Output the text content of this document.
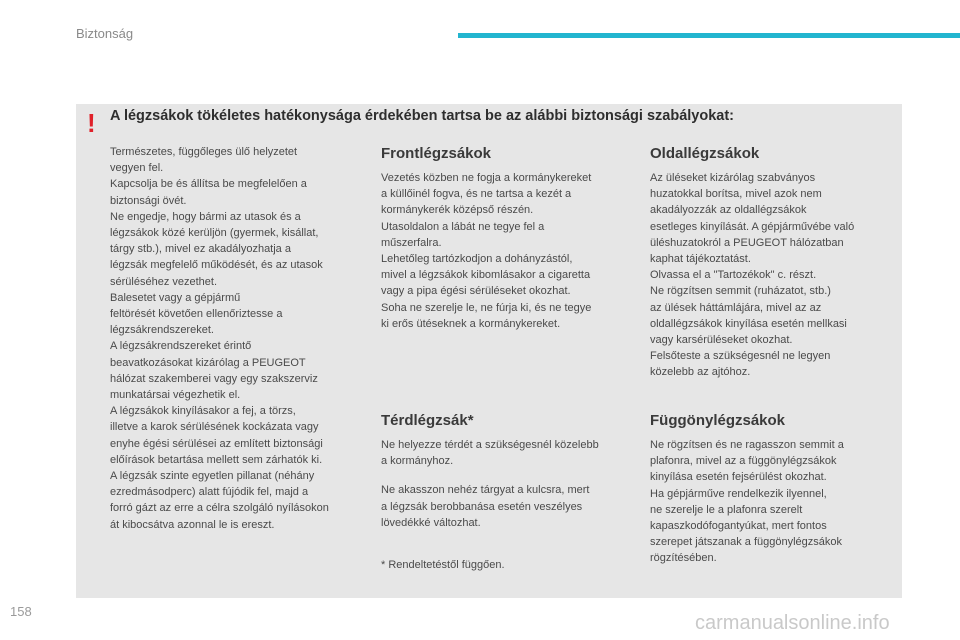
Biztonság
! A légzsákok tökéletes hatékonysága érdekében tartsa be az alábbi biztonsági szabályokat:

Természetes, függőleges ülő helyzetet
vegyen fel.
Kapcsolja be és állítsa be megfelelően a
biztonsági övét.
Ne engedje, hogy bármi az utasok és a
légzsákok közé kerüljön (gyermek, kisállat,
tárgy stb.), mivel ez akadályozhatja a
légzsák megfelelő működését, és az utasok
sérüléséhez vezethet.
Balesetet vagy a gépjármű
feltörését követően ellenőriztesse a
légzsákrendszereket.
A légzsákrendszereket érintő
beavatkozásokat kizárólag a PEUGEOT
hálózat szakemberei vagy egy szakszerviz
munkatársai végezhetik el.
A légzsákok kinyílásakor a fej, a törzs,
illetve a karok sérülésének kockázata vagy
enyhe égési sérülései az említett biztonsági
előírások betartása mellett sem zárhatók ki.
A légzsák szinte egyetlen pillanat (néhány
ezredmásodperc) alatt fújódik fel, majd a
forró gázt az erre a célra szolgáló nyílásokon
át kibocsátva azonnal le is ereszt.

Frontlégzsákok

Vezetés közben ne fogja a kormánykereket
a küllőinél fogva, és ne tartsa a kezét a
kormánykerék középső részén.
Utasoldalon a lábát ne tegye fel a
műszerfalra.
Lehetőleg tartózkodjon a dohányzástól,
mivel a légzsákok kibomlásakor a cigaretta
vagy a pipa égési sérüléseket okozhat.
Soha ne szerelje le, ne fúrja ki, és ne tegye
ki erős ütéseknek a kormánykereket.

Térdlégzsák*

Ne helyezze térdét a szükségesnél közelebb
a kormányhoz.

Ne akasszon nehéz tárgyat a kulcsra, mert
a légzsák berobbanása esetén veszélyes
lövedékké változhat.

* Rendeltetéstől függően.

Oldallégzsákok

Az üléseket kizárólag szabványos
huzatokkal borítsa, mivel azok nem
akadályozzák az oldallégzsákok
esetleges kinyílását. A gépjárművébe való
üléshuzatokról a PEUGEOT hálózatban
kaphat tájékoztatást.
Olvassa el a "Tartozékok" c. részt.
Ne rögzítsen semmit (ruházatot, stb.)
az ülések háttámlájára, mivel az az
oldallégzsákok kinyílása esetén mellkasi
vagy karsérüléseket okozhat.
Felsőteste a szükségesnél ne legyen
közelebb az ajtóhoz.

Függönylégzsákok

Ne rögzítsen és ne ragasszon semmit a
plafonra, mivel az a függönylégzsákok
kinyílása esetén fejsérülést okozhat.
Ha gépjárműve rendelkezik ilyennel,
ne szerelje le a plafonra szerelt
kapaszkodófogantyúkat, mert fontos
szerepet játszanak a függönylégzsákok
rögzítésében.

158
carmanualsonline.info
